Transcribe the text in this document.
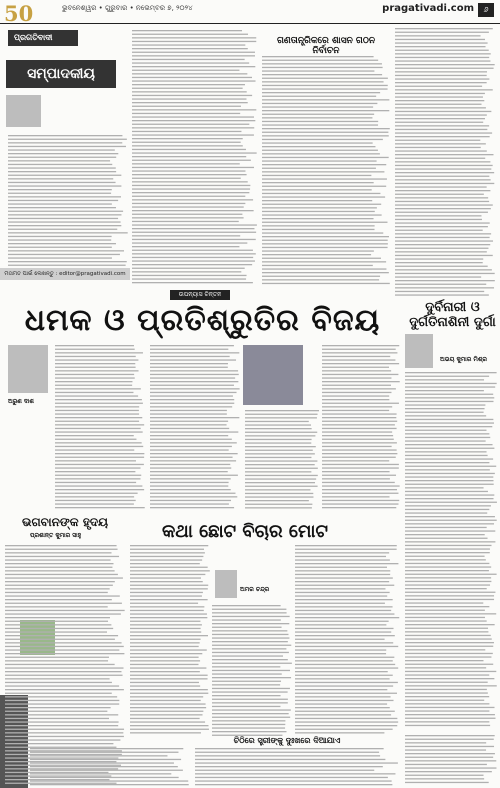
50	ଭୁବନେଶ୍ୱର • ଗୁରୁବାର • ନଭେମ୍ବର ୭, ୨୦୨୪	pragativadi.com	୬
ପ୍ରଗତିବାଦୀ
ସମ୍ପାଦକୀୟ
ମତାମତ ପାଇଁ ଲେଖନ୍ତୁ : editor@pragativadi.com
ଗଣତାନ୍ତ୍ରିକରେ ଶାସନ ଗଠନ ନିର୍ବାଚନ
ଉପନ୍ୟାସ ଚିନ୍ତନ
ଧମକ ଓ ପ୍ରତିଶ୍ରୁତିର ବିଜୟ
ଅରୁଣ ଦାଶ
ଦୁର୍ବିନାରୀ ଓ ଦୁର୍ଗତିନାଶିନୀ ଦୁର୍ଗା
ଅଭୟ କୁମାର ମିଶ୍ର
ଭଗବାନଙ୍କ ହୃଦୟ
ପ୍ରଶାନ୍ତ କୁମାର ସାହୁ	କଥା ଛୋଟ ବିଚାର ମୋଟ
ଅମର ଚନ୍ଦ୍ର
ଚିଠିରେ ସ୍ତ୍ରୀଙ୍କୁ ଦୁଃଖରେ ଦିଆଯାଏ
